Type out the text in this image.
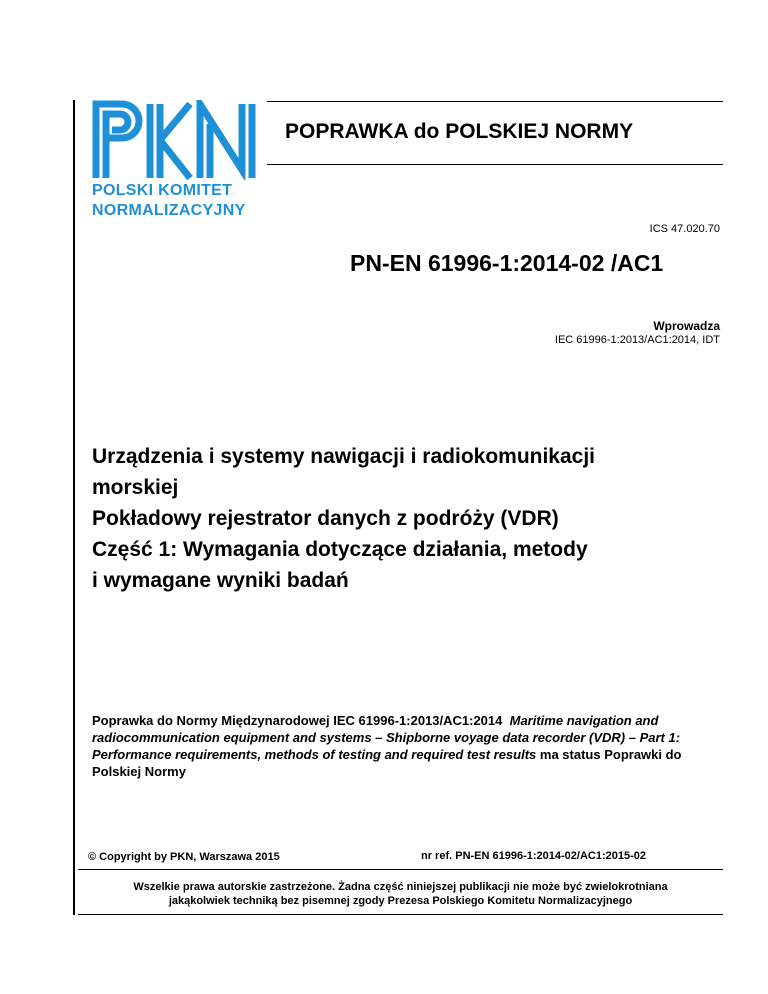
POLSKI KOMITET
NORMALIZACYJNY
POPRAWKA do POLSKIEJ NORMY
ICS 47.020.70
PN-EN 61996-1:2014-02 /AC1
Wprowadza
IEC 61996-1:2013/AC1:2014, IDT
Urządzenia i systemy nawigacji i radiokomunikacji
morskiej
Pokładowy rejestrator danych z podróży (VDR)
Część 1: Wymagania dotyczące działania, metody
i wymagane wyniki badań
Poprawka do Normy Międzynarodowej IEC 61996-1:2013/AC1:2014 Maritime navigation and radiocommunication equipment and systems – Shipborne voyage data recorder (VDR) – Part 1: Performance requirements, methods of testing and required test results ma status Poprawki do Polskiej Normy
© Copyright by PKN, Warszawa 2015	nr ref. PN-EN 61996-1:2014-02/AC1:2015-02
Wszelkie prawa autorskie zastrzeżone. Żadna część niniejszej publikacji nie może być zwielokrotniana
jakąkolwiek techniką bez pisemnej zgody Prezesa Polskiego Komitetu Normalizacyjnego
